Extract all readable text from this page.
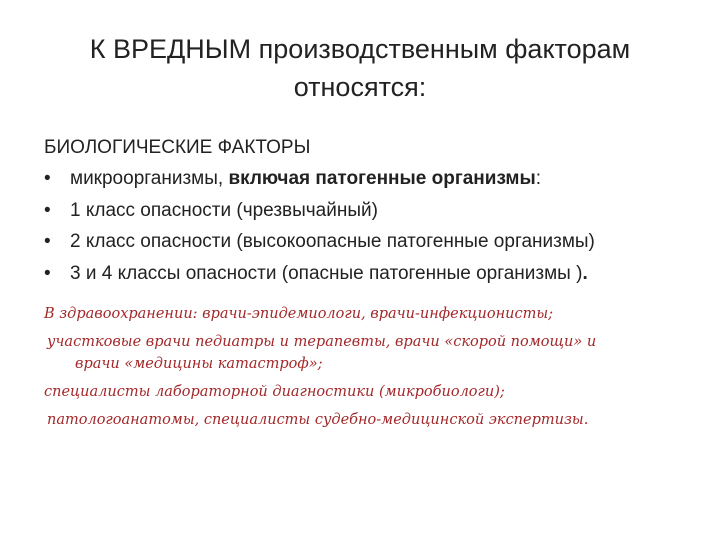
К ВРЕДНЫМ производственным факторам
относятся:

БИОЛОГИЧЕСКИЕ ФАКТОРЫ

• микроорганизмы, включая патогенные организмы:
• 1 класс опасности (чрезвычайный)
• 2 класс опасности (высокоопасные патогенные организмы)
• 3 и 4 классы опасности (опасные патогенные организмы ).

В здравоохранении: врачи-эпидемиологи, врачи-инфекционисты;

участковые врачи педиатры и терапевты, врачи «скорой помощи» и
врачи «медицины катастроф»;

специалисты лабораторной диагностики (микробиологи);

патологоанатомы, специалисты судебно-медицинской экспертизы.
